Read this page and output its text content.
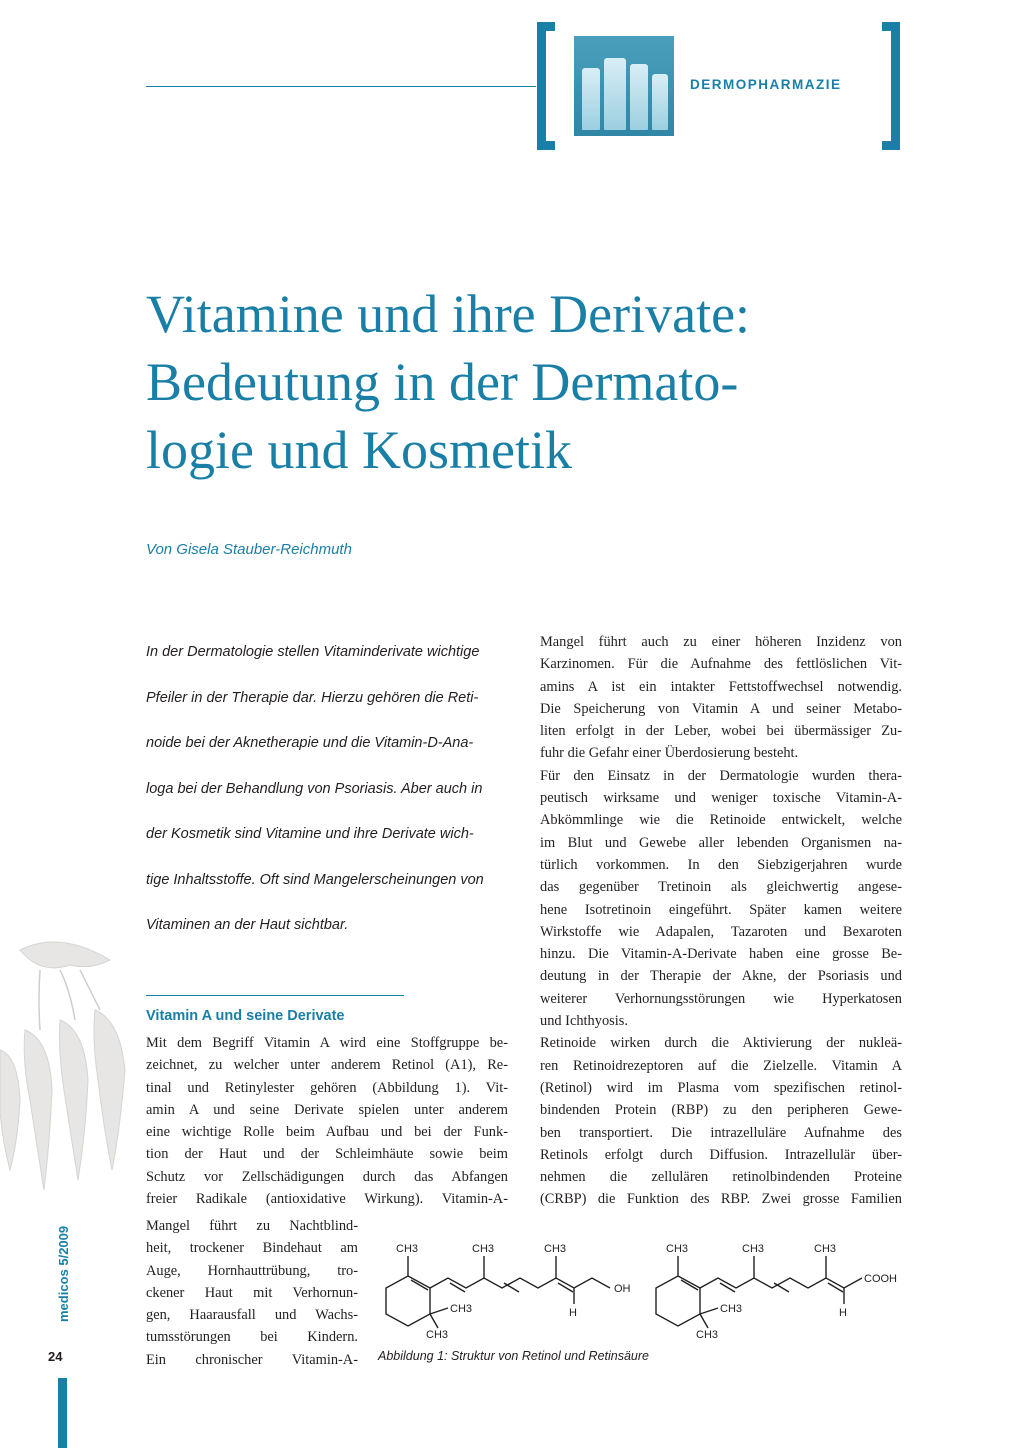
DERMOPHARMAZIE
Vitamine und ihre Derivate:
Bedeutung in der Dermato-
logie und Kosmetik
Von Gisela Stauber-Reichmuth
In der Dermatologie stellen Vitaminderivate wichtige
Pfeiler in der Therapie dar. Hierzu gehören die Reti-
noide bei der Aknetherapie und die Vitamin-D-Ana-
loga bei der Behandlung von Psoriasis. Aber auch in
der Kosmetik sind Vitamine und ihre Derivate wich-
tige Inhaltsstoffe. Oft sind Mangelerscheinungen von
Vitaminen an der Haut sichtbar.
Vitamin A und seine Derivate
Mit dem Begriff Vitamin A wird eine Stoffgruppe be-
zeichnet, zu welcher unter anderem Retinol (A1), Re-
tinal und Retinylester gehören (Abbildung 1). Vit-
amin A und seine Derivate spielen unter anderem
eine wichtige Rolle beim Aufbau und bei der Funk-
tion der Haut und der Schleimhäute sowie beim
Schutz vor Zellschädigungen durch das Abfangen
freier Radikale (antioxidative Wirkung). Vitamin-A-
Mangel führt zu Nachtblind-
heit, trockener Bindehaut am
Auge, Hornhauttrübung, tro-
ckener Haut mit Verhornun-
gen, Haarausfall und Wachs-
tumsstörungen bei Kindern.
Ein chronischer Vitamin-A-
Mangel führt auch zu einer höheren Inzidenz von
Karzinomen. Für die Aufnahme des fettlöslichen Vit-
amins A ist ein intakter Fettstoffwechsel notwendig.
Die Speicherung von Vitamin A und seiner Metabo-
liten erfolgt in der Leber, wobei bei übermässiger Zu-
fuhr die Gefahr einer Überdosierung besteht.
Für den Einsatz in der Dermatologie wurden thera-
peutisch wirksame und weniger toxische Vitamin-A-
Abkömmlinge wie die Retinoide entwickelt, welche
im Blut und Gewebe aller lebenden Organismen na-
türlich vorkommen. In den Siebzigerjahren wurde
das gegenüber Tretinoin als gleichwertig angese-
hene Isotretinoin eingeführt. Später kamen weitere
Wirkstoffe wie Adapalen, Tazaroten und Bexaroten
hinzu. Die Vitamin-A-Derivate haben eine grosse Be-
deutung in der Therapie der Akne, der Psoriasis und
weiterer Verhornungsstörungen wie Hyperkatosen
und Ichthyosis.
Retinoide wirken durch die Aktivierung der nukleä-
ren Retinoidrezeptoren auf die Zielzelle. Vitamin A
(Retinol) wird im Plasma vom spezifischen retinol-
bindenden Protein (RBP) zu den peripheren Gewe-
ben transportiert. Die intrazelluläre Aufnahme des
Retinols erfolgt durch Diffusion. Intrazellulär über-
nehmen die zellulären retinolbindenden Proteine
(CRBP) die Funktion des RBP. Zwei grosse Familien
CH3	CH3	CH3
CH3
CH3
OH
H
CH3	CH3	CH3
CH3
CH3
COOH
H
Abbildung 1: Struktur von Retinol und Retinsäure
medicos 5/2009
24
